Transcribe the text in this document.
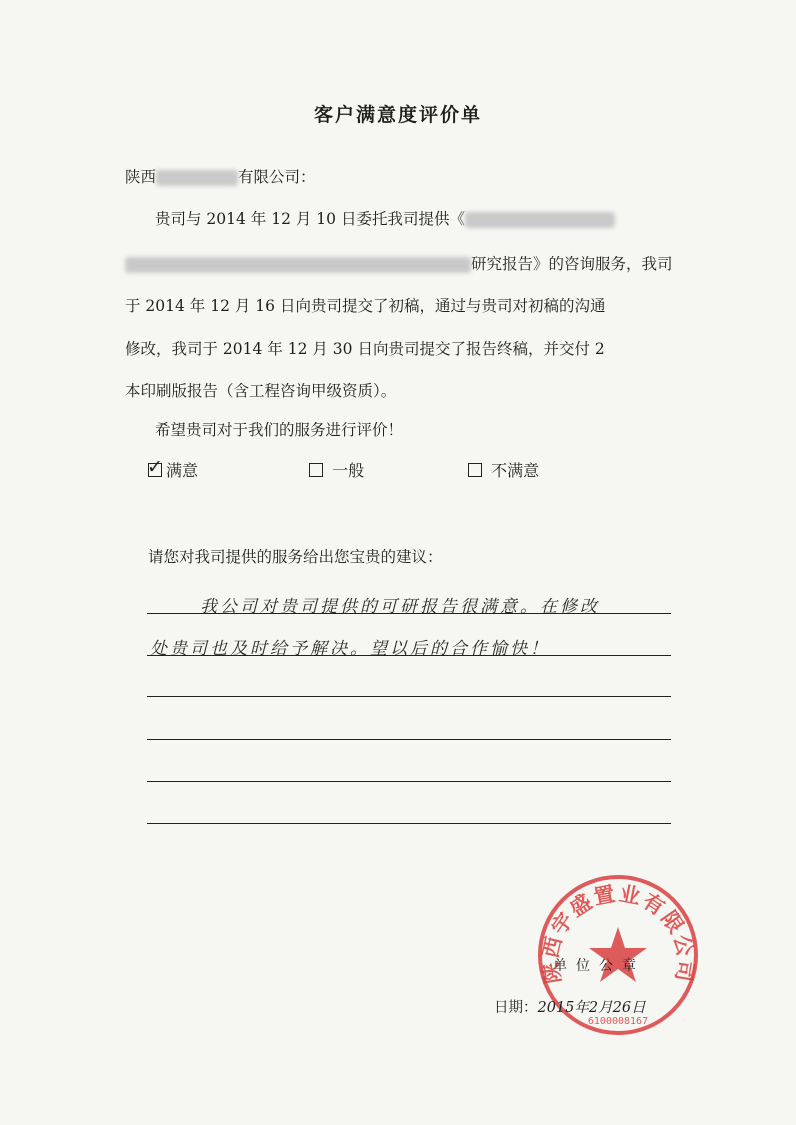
客户满意度评价单
陕西	有限公司：
贵司与 2014 年 12 月 10 日委托我司提供《
研究报告》的咨询服务，我司
于 2014 年 12 月 16 日向贵司提交了初稿，通过与贵司对初稿的沟通
修改，我司于 2014 年 12 月 30 日向贵司提交了报告终稿，并交付 2
本印刷版报告（含工程咨询甲级资质）。
希望贵司对于我们的服务进行评价！
✓ 满意	一般	不满意
请您对我司提供的服务给出您宝贵的建议：
我公司对贵司提供的可研报告很满意。在修改
处贵司也及时给予解决。望以后的合作愉快！
陕西宇盛置业有限公司
6100008167
单位公章
日期：2015年2月26日
